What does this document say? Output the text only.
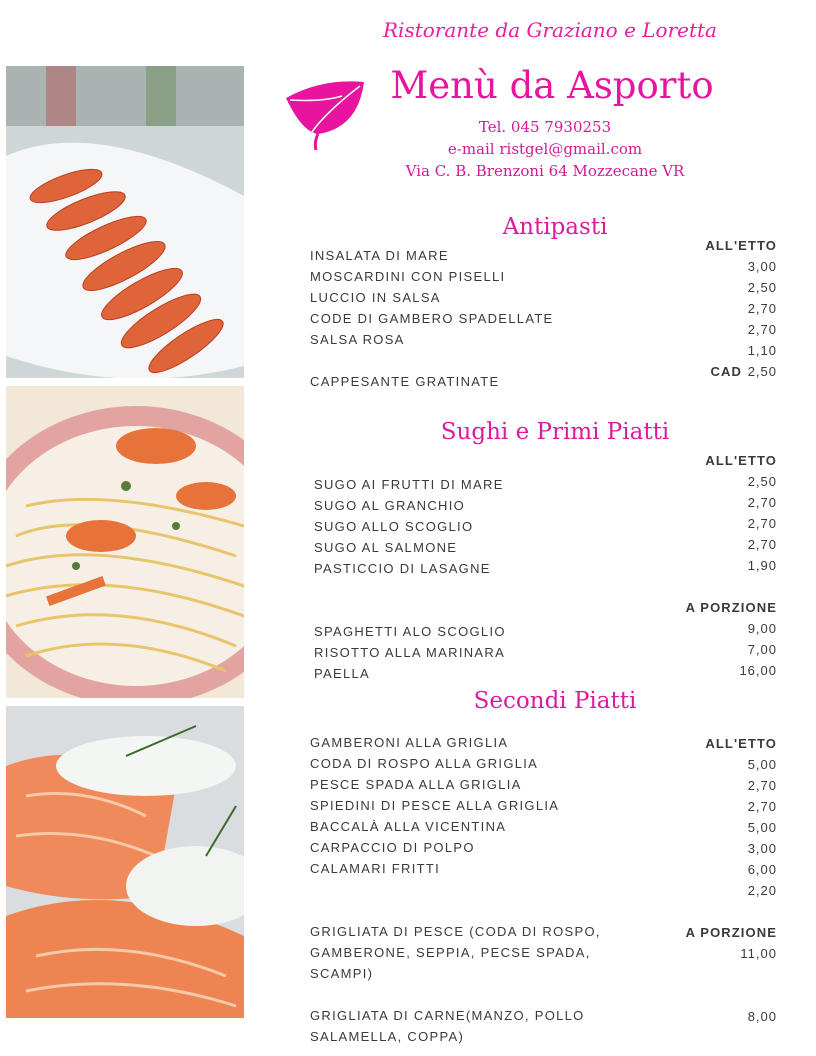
Ristorante da Graziano e Loretta
Menù da Asporto
Tel. 045 7930253
e-mail ristgel@gmail.com
Via C. B. Brenzoni 64 Mozzecane VR
Antipasti
ALL'ETTO
INSALATA DI MARE
MOSCARDINI CON PISELLI
LUCCIO IN SALSA
CODE DI GAMBERO SPADELLATE
SALSA ROSA
CAPPESANTE GRATINATE
3,00
2,50
2,70
2,70
1,10
CAD 2,50
Sughi e Primi Piatti
ALL'ETTO
SUGO AI FRUTTI DI MARE
SUGO AL GRANCHIO
SUGO ALLO SCOGLIO
SUGO AL SALMONE
PASTICCIO DI LASAGNE
2,50
2,70
2,70
2,70
1,90
A PORZIONE
SPAGHETTI ALO SCOGLIO
RISOTTO ALLA MARINARA
PAELLA
9,00
7,00
16,00
Secondi Piatti
ALL'ETTO
GAMBERONI ALLA GRIGLIA
CODA DI ROSPO ALLA GRIGLIA
PESCE SPADA ALLA GRIGLIA
SPIEDINI DI PESCE ALLA GRIGLIA
BACCALÀ ALLA VICENTINA
CARPACCIO DI POLPO
CALAMARI FRITTI
5,00
2,70
2,70
5,00
3,00
6,00
2,20
A PORZIONE
GRIGLIATA DI PESCE (CODA DI ROSPO, GAMBERONE, SEPPIA, PECSE SPADA, SCAMPI)
11,00
GRIGLIATA DI CARNE(MANZO, POLLO SALAMELLA, COPPA)
8,00
